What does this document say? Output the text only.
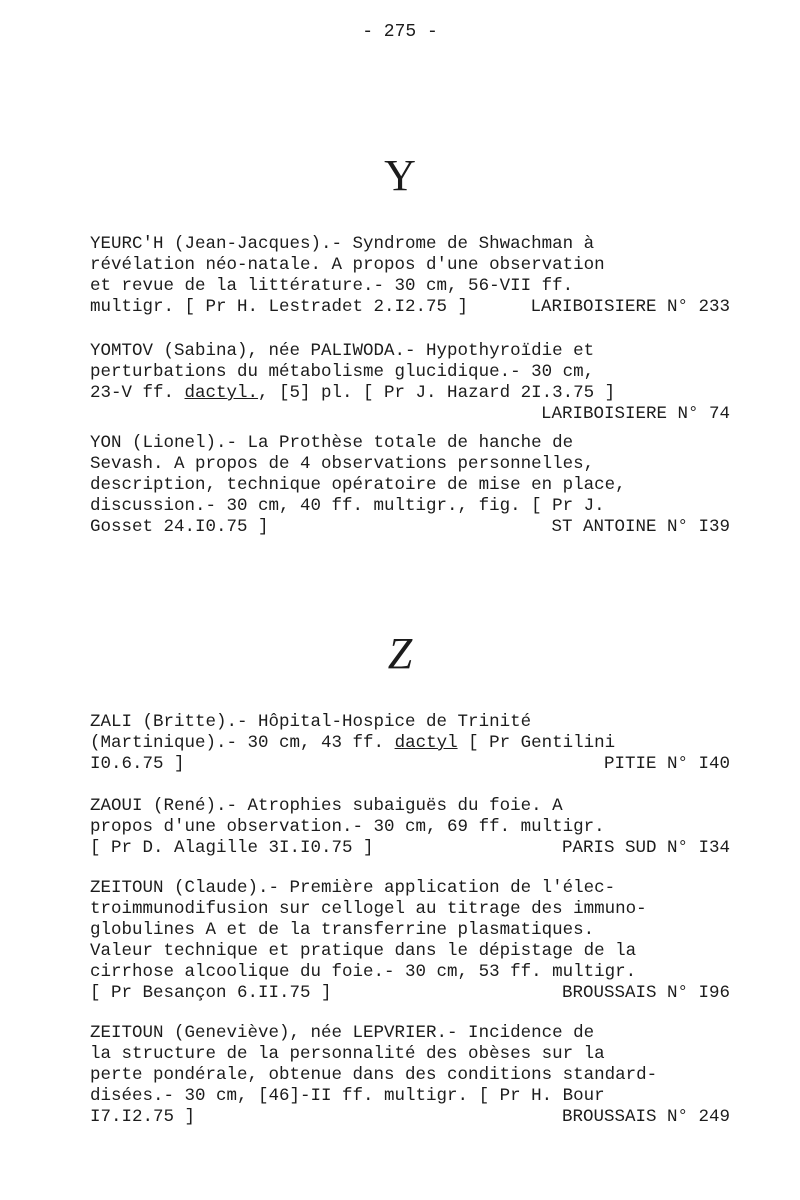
- 275 -
Y
YEURC'H (Jean-Jacques).- Syndrome de Shwachman à
révélation néo-natale. A propos d'une observation
et revue de la littérature.- 30 cm, 56-VII ff.
multigr. [ Pr H. Lestradet 2.I2.75 ]	LARIBOISIERE N° 233
YOMTOV (Sabina), née PALIWODA.- Hypothyroïdie et
perturbations du métabolisme glucidique.- 30 cm,
23-V ff. dactyl., [5] pl. [ Pr J. Hazard 2I.3.75 ]
LARIBOISIERE N° 74
YON (Lionel).- La Prothèse totale de hanche de
Sevash. A propos de 4 observations personnelles,
description, technique opératoire de mise en place,
discussion.- 30 cm, 40 ff. multigr., fig. [ Pr J.
Gosset 24.I0.75 ]	ST ANTOINE N° I39
Z
ZALI (Britte).- Hôpital-Hospice de Trinité
(Martinique).- 30 cm, 43 ff. dactyl [ Pr Gentilini
I0.6.75 ]	PITIE N° I40
ZAOUI (René).- Atrophies subaiguës du foie. A
propos d'une observation.- 30 cm, 69 ff. multigr.
[ Pr D. Alagille 3I.I0.75 ]	PARIS SUD N° I34
ZEITOUN (Claude).- Première application de l'élec-
troimmunodifusion sur cellogel au titrage des immuno-
globulines A et de la transferrine plasmatiques.
Valeur technique et pratique dans le dépistage de la
cirrhose alcoolique du foie.- 30 cm, 53 ff. multigr.
[ Pr Besançon 6.II.75 ]	BROUSSAIS N° I96
ZEITOUN (Geneviève), née LEPVRIER.- Incidence de
la structure de la personnalité des obèses sur la
perte pondérale, obtenue dans des conditions standard-
disées.- 30 cm, [46]-II ff. multigr. [ Pr H. Bour
I7.I2.75 ]	BROUSSAIS N° 249
